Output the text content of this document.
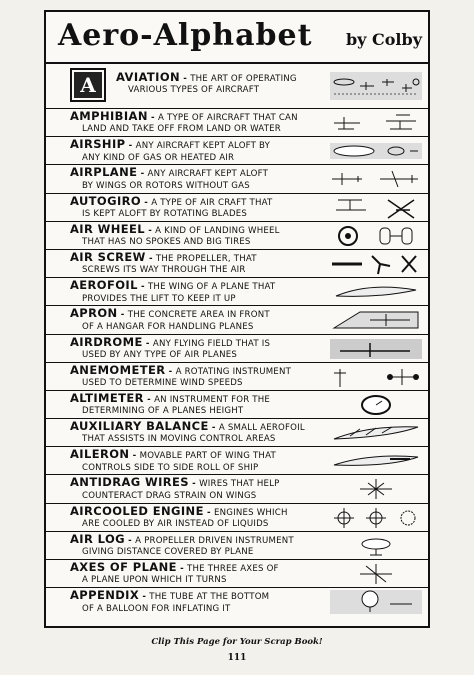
Aero-Alphabet by Colby
A	AVIATION - THE ART OF OPERATING
VARIOUS TYPES OF AIRCRAFT
AMPHIBIAN - A TYPE OF AIRCRAFT THAT CAN
LAND AND TAKE OFF FROM LAND OR WATER
AIRSHIP - ANY AIRCRAFT KEPT ALOFT BY
ANY KIND OF GAS OR HEATED AIR
AIRPLANE - ANY AIRCRAFT KEPT ALOFT
BY WINGS OR ROTORS WITHOUT GAS
AUTOGIRO - A TYPE OF AIR CRAFT THAT
IS KEPT ALOFT BY ROTATING BLADES
AIR WHEEL - A KIND OF LANDING WHEEL
THAT HAS NO SPOKES AND BIG TIRES
AIR SCREW - THE PROPELLER, THAT
SCREWS ITS WAY THROUGH THE AIR
AEROFOIL - THE WING OF A PLANE THAT
PROVIDES THE LIFT TO KEEP IT UP
APRON - THE CONCRETE AREA IN FRONT
OF A HANGAR FOR HANDLING PLANES
AIRDROME - ANY FLYING FIELD THAT IS
USED BY ANY TYPE OF AIR PLANES
ANEMOMETER - A ROTATING INSTRUMENT
USED TO DETERMINE WIND SPEEDS
ALTIMETER - AN INSTRUMENT FOR THE
DETERMINING OF A PLANES HEIGHT
AUXILIARY BALANCE - A SMALL AEROFOIL
THAT ASSISTS IN MOVING CONTROL AREAS
AILERON - MOVABLE PART OF WING THAT
CONTROLS SIDE TO SIDE ROLL OF SHIP
ANTIDRAG WIRES - WIRES THAT HELP
COUNTERACT DRAG STRAIN ON WINGS
AIRCOOLED ENGINE - ENGINES WHICH
ARE COOLED BY AIR INSTEAD OF LIQUIDS
AIR LOG - A PROPELLER DRIVEN INSTRUMENT
GIVING DISTANCE COVERED BY PLANE
AXES OF PLANE - THE THREE AXES OF
A PLANE UPON WHICH IT TURNS
APPENDIX - THE TUBE AT THE BOTTOM
OF A BALLOON FOR INFLATING IT
Clip This Page for Your Scrap Book!
111
